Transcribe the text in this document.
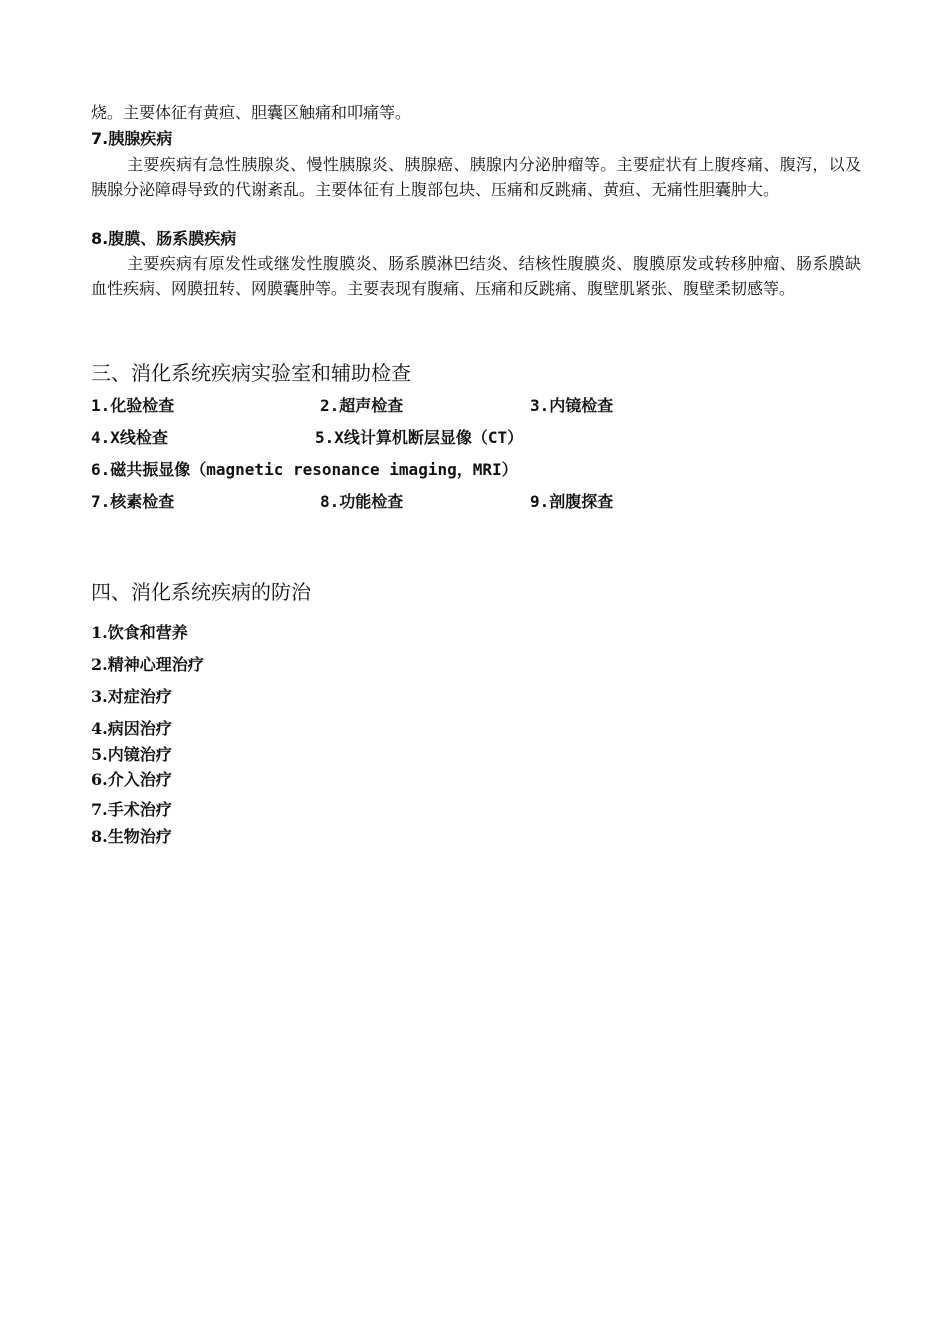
烧。主要体征有黄疸、胆囊区触痛和叩痛等。
7.胰腺疾病
主要疾病有急性胰腺炎、慢性胰腺炎、胰腺癌、胰腺内分泌肿瘤等。主要症状有上腹疼痛、腹泻，以及胰腺分泌障碍导致的代谢紊乱。主要体征有上腹部包块、压痛和反跳痛、黄疸、无痛性胆囊肿大。
8.腹膜、肠系膜疾病
主要疾病有原发性或继发性腹膜炎、肠系膜淋巴结炎、结核性腹膜炎、腹膜原发或转移肿瘤、肠系膜缺血性疾病、网膜扭转、网膜囊肿等。主要表现有腹痛、压痛和反跳痛、腹壁肌紧张、腹壁柔韧感等。
三、消化系统疾病实验室和辅助检查
1.化验检查	2.超声检查	3.内镜检查
4.X线检查	5.X线计算机断层显像（CT）
6.磁共振显像（magnetic resonance imaging，MRI）
7.核素检查	8.功能检查	9.剖腹探查
四、消化系统疾病的防治
1.饮食和营养
2.精神心理治疗
3.对症治疗
4.病因治疗
5.内镜治疗
6.介入治疗
7.手术治疗
8.生物治疗
